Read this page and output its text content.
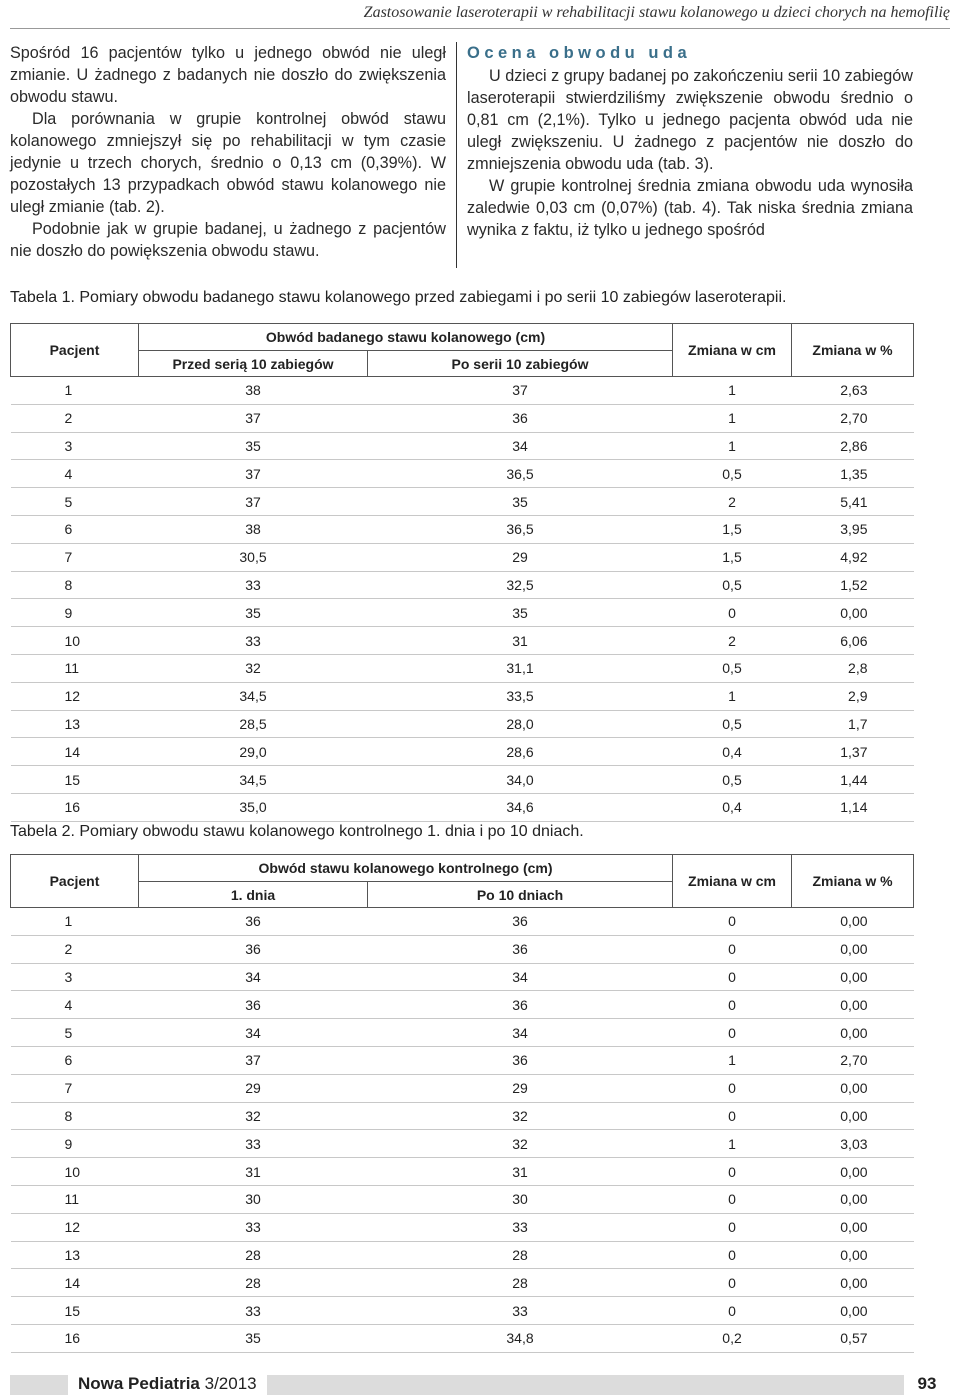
Zastosowanie laseroterapii w rehabilitacji stawu kolanowego u dzieci chorych na hemofilię

Spośród 16 pacjentów tylko u jednego obwód nie uległ zmianie. U żadnego z badanych nie doszło do zwiększenia obwodu stawu.

Dla porównania w grupie kontrolnej obwód stawu kolanowego zmniejszył się po rehabilitacji w tym czasie jedynie u trzech chorych, średnio o 0,13 cm (0,39%). W pozostałych 13 przypadkach obwód stawu kolanowego nie uległ zmianie (tab. 2).

Podobnie jak w grupie badanej, u żadnego z pacjentów nie doszło do powiększenia obwodu stawu.

Ocena obwodu uda

U dzieci z grupy badanej po zakończeniu serii 10 zabiegów laseroterapii stwierdziliśmy zwiększenie obwodu średnio o 0,81 cm (2,1%). Tylko u jednego pacjenta obwód uda nie uległ zwiększeniu. U żadnego z pacjentów nie doszło do zmniejszenia obwodu uda (tab. 3).

W grupie kontrolnej średnia zmiana obwodu uda wynosiła zaledwie 0,03 cm (0,07%) (tab. 4). Tak niska średnia zmiana wynika z faktu, iż tylko u jednego spośród

Tabela 1. Pomiary obwodu badanego stawu kolanowego przed zabiegami i po serii 10 zabiegów laseroterapii.
Pacjent	Obwód badanego stawu kolanowego (cm)		Zmiana w cm	Zmiana w %
	Przed serią 10 zabiegów	Po serii 10 zabiegów		
1	38	37	1	2,63
2	37	36	1	2,70
3	35	34	1	2,86
4	37	36,5	0,5	1,35
5	37	35	2	5,41
6	38	36,5	1,5	3,95
7	30,5	29	1,5	4,92
8	33	32,5	0,5	1,52
9	35	35	0	0,00
10	33	31	2	6,06
11	32	31,1	0,5	2,8
12	34,5	33,5	1	2,9
13	28,5	28,0	0,5	1,7
14	29,0	28,6	0,4	1,37
15	34,5	34,0	0,5	1,44
16	35,0	34,6	0,4	1,14
Tabela 2. Pomiary obwodu stawu kolanowego kontrolnego 1. dnia i po 10 dniach.
Pacjent	Obwód stawu kolanowego kontrolnego (cm)		Zmiana w cm	Zmiana w %
	1. dnia	Po 10 dniach		
1	36	36	0	0,00
2	36	36	0	0,00
3	34	34	0	0,00
4	36	36	0	0,00
5	34	34	0	0,00
6	37	36	1	2,70
7	29	29	0	0,00
8	32	32	0	0,00
9	33	32	1	3,03
10	31	31	0	0,00
11	30	30	0	0,00
12	33	33	0	0,00
13	28	28	0	0,00
14	28	28	0	0,00
15	33	33	0	0,00
16	35	34,8	0,2	0,57
Nowa Pediatria 3/2013	93
